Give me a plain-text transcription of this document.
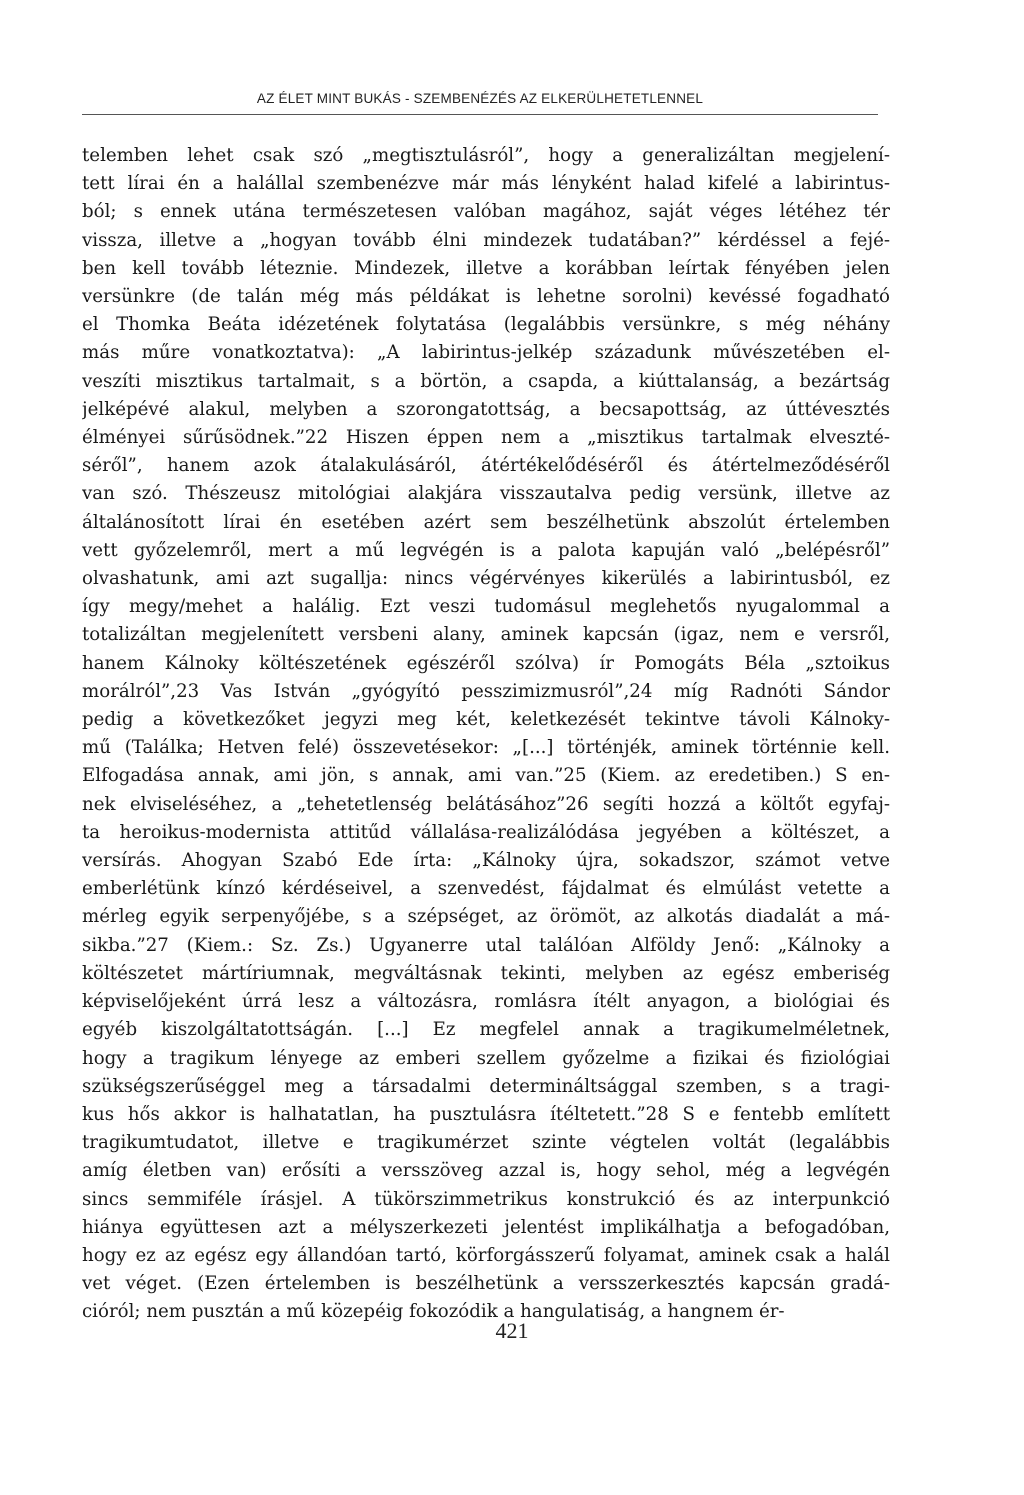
AZ ÉLET MINT BUKÁS - SZEMBENÉZÉS AZ ELKERÜLHETETLENNEL
telemben lehet csak szó „megtisztulásról”, hogy a generalizáltan megjelení-
tett lírai én a halállal szembenézve már más lényként halad kifelé a labirintus-
ból; s ennek utána természetesen valóban magához, saját véges létéhez tér
vissza, illetve a „hogyan tovább élni mindezek tudatában?” kérdéssel a fejé-
ben kell tovább léteznie. Mindezek, illetve a korábban leírtak fényében jelen
versünkre (de talán még más példákat is lehetne sorolni) kevéssé fogadható
el Thomka Beáta idézetének folytatása (legalábbis versünkre, s még néhány
más műre vonatkoztatva): „A labirintus-jelkép századunk művészetében el-
veszíti misztikus tartalmait, s a börtön, a csapda, a kiúttalanság, a bezártság
jelképévé alakul, melyben a szorongatottság, a becsapottság, az úttévesztés
élményei sűrűsödnek.”22 Hiszen éppen nem a „misztikus tartalmak elveszté-
séről”, hanem azok átalakulásáról, átértékelődéséről és átértelmeződéséről
van szó. Thészeusz mitológiai alakjára visszautalva pedig versünk, illetve az
általánosított lírai én esetében azért sem beszélhetünk abszolút értelemben
vett győzelemről, mert a mű legvégén is a palota kapuján való „belépésről”
olvashatunk, ami azt sugallja: nincs végérvényes kikerülés a labirintusból, ez
így megy/mehet a halálig. Ezt veszi tudomásul meglehetős nyugalommal a
totalizáltan megjelenített versbeni alany, aminek kapcsán (igaz, nem e versről,
hanem Kálnoky költészetének egészéről szólva) ír Pomogáts Béla „sztoikus
morálról”,23 Vas István „gyógyító pesszimizmusról”,24 míg Radnóti Sándor
pedig a következőket jegyzi meg két, keletkezését tekintve távoli Kálnoky-
mű (Találka; Hetven felé) összevetésekor: „[...] történjék, aminek történnie kell.
Elfogadása annak, ami jön, s annak, ami van.”25 (Kiem. az eredetiben.) S en-
nek elviseléséhez, a „tehetetlenség belátásához”26 segíti hozzá a költőt egyfaj-
ta heroikus-modernista attitűd vállalása-realizálódása jegyében a költészet, a
versírás. Ahogyan Szabó Ede írta: „Kálnoky újra, sokadszor, számot vetve
emberlétünk kínzó kérdéseivel, a szenvedést, fájdalmat és elmúlást vetette a
mérleg egyik serpenyőjébe, s a szépséget, az örömöt, az alkotás diadalát a má-
sikba.”27 (Kiem.: Sz. Zs.) Ugyanerre utal találóan Alföldy Jenő: „Kálnoky a
költészetet mártíriumnak, megváltásnak tekinti, melyben az egész emberiség
képviselőjeként úrrá lesz a változásra, romlásra ítélt anyagon, a biológiai és
egyéb kiszolgáltatottságán. [...] Ez megfelel annak a tragikumelméletnek,
hogy a tragikum lényege az emberi szellem győzelme a fizikai és fiziológiai
szükségszerűséggel meg a társadalmi determináltsággal szemben, s a tragi-
kus hős akkor is halhatatlan, ha pusztulásra ítéltetett.”28 S e fentebb említett
tragikumtudatot, illetve e tragikumérzet szinte végtelen voltát (legalábbis
amíg életben van) erősíti a versszöveg azzal is, hogy sehol, még a legvégén
sincs semmiféle írásjel. A tükörszimmetrikus konstrukció és az interpunkció
hiánya együttesen azt a mélyszerkezeti jelentést implikálhatja a befogadóban,
hogy ez az egész egy állandóan tartó, körforgásszerű folyamat, aminek csak a halál
vet véget. (Ezen értelemben is beszélhetünk a versszerkesztés kapcsán gradá-
cióról; nem pusztán a mű közepéig fokozódik a hangulatiság, a hangnem ér-
421
